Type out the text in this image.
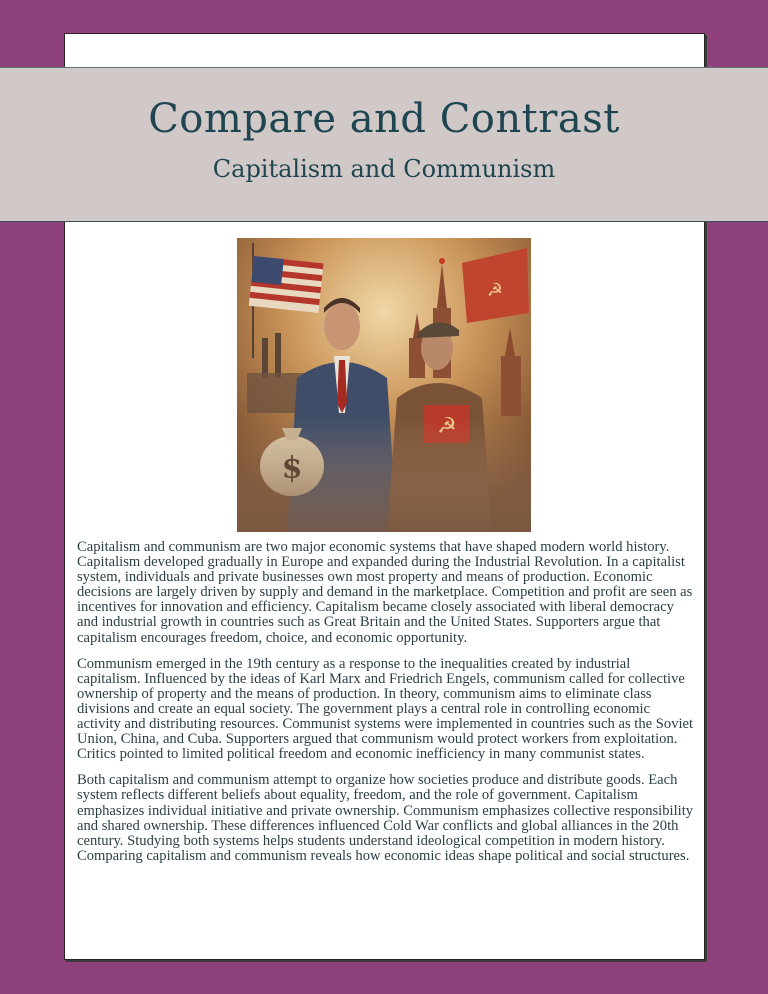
Compare and Contrast
Capitalism and Communism
☭

Capitalism and communism are two major economic systems that have shaped modern world history. Capitalism developed gradually in Europe and expanded during the Industrial Revolution. In a capitalist system, individuals and private businesses own most property and means of production. Economic decisions are largely driven by supply and demand in the marketplace. Competition and profit are seen as incentives for innovation and efficiency. Capitalism became closely associated with liberal democracy and industrial growth in countries such as Great Britain and the United States. Supporters argue that capitalism encourages freedom, choice, and economic opportunity.

Communism emerged in the 19th century as a response to the inequalities created by industrial capitalism. Influenced by the ideas of Karl Marx and Friedrich Engels, communism called for collective ownership of property and the means of production. In theory, communism aims to eliminate class divisions and create an equal society. The government plays a central role in controlling economic activity and distributing resources. Communist systems were implemented in countries such as the Soviet Union, China, and Cuba. Supporters argued that communism would protect workers from exploitation. Critics pointed to limited political freedom and economic inefficiency in many communist states.

Both capitalism and communism attempt to organize how societies produce and distribute goods. Each system reflects different beliefs about equality, freedom, and the role of government. Capitalism emphasizes individual initiative and private ownership. Communism emphasizes collective responsibility and shared ownership. These differences influenced Cold War conflicts and global alliances in the 20th century. Studying both systems helps students understand ideological competition in modern history. Comparing capitalism and communism reveals how economic ideas shape political and social structures.
